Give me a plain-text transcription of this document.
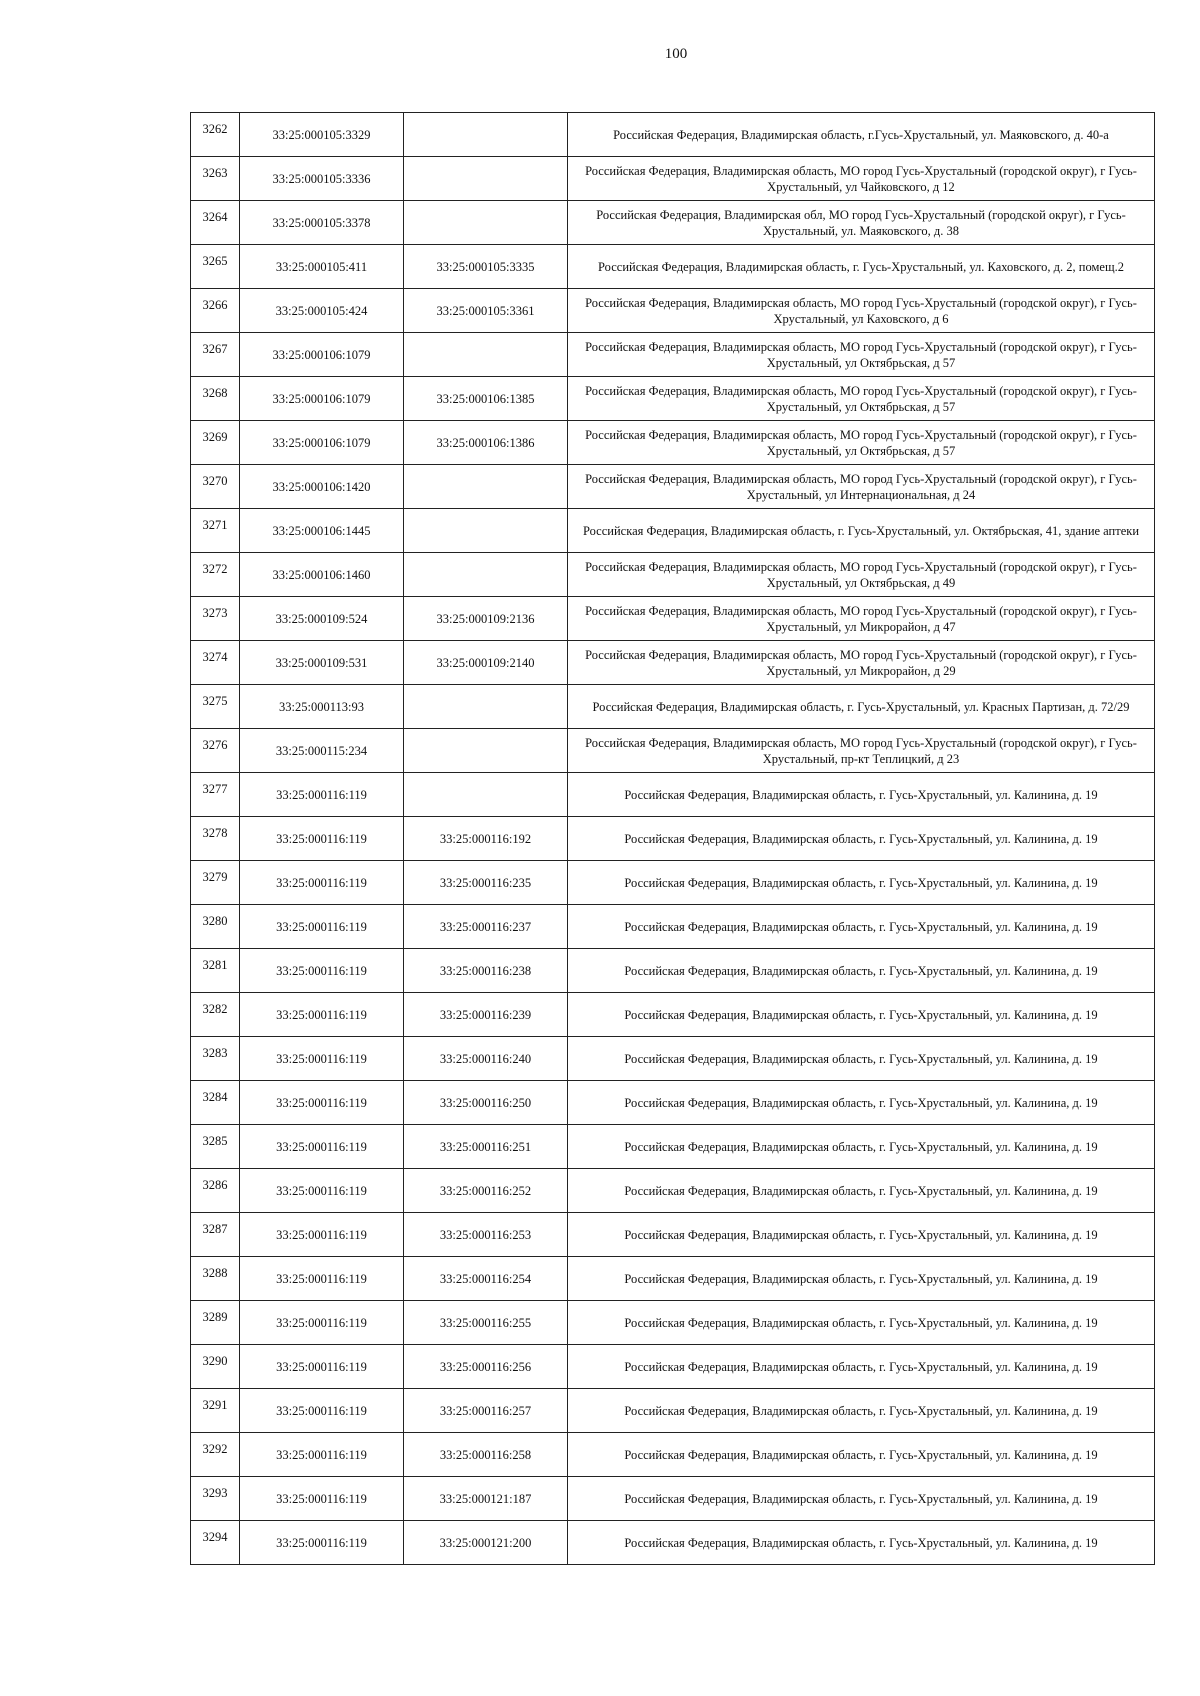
100
3262	33:25:000105:3329		Российская Федерация, Владимирская область, г.Гусь-Хрустальный, ул. Маяковского, д. 40-а
3263	33:25:000105:3336		Российская Федерация, Владимирская область, МО город Гусь-Хрустальный (городской округ), г Гусь-Хрустальный, ул Чайковского, д 12
3264	33:25:000105:3378		Российская Федерация, Владимирская обл, МО город Гусь-Хрустальный (городской округ), г Гусь-Хрустальный, ул. Маяковского, д. 38
3265	33:25:000105:411	33:25:000105:3335	Российская Федерация, Владимирская область, г. Гусь-Хрустальный, ул. Каховского, д. 2, помещ.2
3266	33:25:000105:424	33:25:000105:3361	Российская Федерация, Владимирская область, МО город Гусь-Хрустальный (городской округ), г Гусь-Хрустальный, ул Каховского, д 6
3267	33:25:000106:1079		Российская Федерация, Владимирская область, МО город Гусь-Хрустальный (городской округ), г Гусь-Хрустальный, ул Октябрьская, д 57
3268	33:25:000106:1079	33:25:000106:1385	Российская Федерация, Владимирская область, МО город Гусь-Хрустальный (городской округ), г Гусь-Хрустальный, ул Октябрьская, д 57
3269	33:25:000106:1079	33:25:000106:1386	Российская Федерация, Владимирская область, МО город Гусь-Хрустальный (городской округ), г Гусь-Хрустальный, ул Октябрьская, д 57
3270	33:25:000106:1420		Российская Федерация, Владимирская область, МО город Гусь-Хрустальный (городской округ), г Гусь-Хрустальный, ул Интернациональная, д 24
3271	33:25:000106:1445		Российская Федерация, Владимирская область, г. Гусь-Хрустальный, ул. Октябрьская, 41, здание аптеки
3272	33:25:000106:1460		Российская Федерация, Владимирская область, МО город Гусь-Хрустальный (городской округ), г Гусь-Хрустальный, ул Октябрьская, д 49
3273	33:25:000109:524	33:25:000109:2136	Российская Федерация, Владимирская область, МО город Гусь-Хрустальный (городской округ), г Гусь-Хрустальный, ул Микрорайон, д 47
3274	33:25:000109:531	33:25:000109:2140	Российская Федерация, Владимирская область, МО город Гусь-Хрустальный (городской округ), г Гусь-Хрустальный, ул Микрорайон, д 29
3275	33:25:000113:93		Российская Федерация, Владимирская область, г. Гусь-Хрустальный, ул. Красных Партизан, д. 72/29
3276	33:25:000115:234		Российская Федерация, Владимирская область, МО город Гусь-Хрустальный (городской округ), г Гусь-Хрустальный, пр-кт Теплицкий, д 23
3277	33:25:000116:119		Российская Федерация, Владимирская область, г. Гусь-Хрустальный, ул. Калинина, д. 19
3278	33:25:000116:119	33:25:000116:192	Российская Федерация, Владимирская область, г. Гусь-Хрустальный, ул. Калинина, д. 19
3279	33:25:000116:119	33:25:000116:235	Российская Федерация, Владимирская область, г. Гусь-Хрустальный, ул. Калинина, д. 19
3280	33:25:000116:119	33:25:000116:237	Российская Федерация, Владимирская область, г. Гусь-Хрустальный, ул. Калинина, д. 19
3281	33:25:000116:119	33:25:000116:238	Российская Федерация, Владимирская область, г. Гусь-Хрустальный, ул. Калинина, д. 19
3282	33:25:000116:119	33:25:000116:239	Российская Федерация, Владимирская область, г. Гусь-Хрустальный, ул. Калинина, д. 19
3283	33:25:000116:119	33:25:000116:240	Российская Федерация, Владимирская область, г. Гусь-Хрустальный, ул. Калинина, д. 19
3284	33:25:000116:119	33:25:000116:250	Российская Федерация, Владимирская область, г. Гусь-Хрустальный, ул. Калинина, д. 19
3285	33:25:000116:119	33:25:000116:251	Российская Федерация, Владимирская область, г. Гусь-Хрустальный, ул. Калинина, д. 19
3286	33:25:000116:119	33:25:000116:252	Российская Федерация, Владимирская область, г. Гусь-Хрустальный, ул. Калинина, д. 19
3287	33:25:000116:119	33:25:000116:253	Российская Федерация, Владимирская область, г. Гусь-Хрустальный, ул. Калинина, д. 19
3288	33:25:000116:119	33:25:000116:254	Российская Федерация, Владимирская область, г. Гусь-Хрустальный, ул. Калинина, д. 19
3289	33:25:000116:119	33:25:000116:255	Российская Федерация, Владимирская область, г. Гусь-Хрустальный, ул. Калинина, д. 19
3290	33:25:000116:119	33:25:000116:256	Российская Федерация, Владимирская область, г. Гусь-Хрустальный, ул. Калинина, д. 19
3291	33:25:000116:119	33:25:000116:257	Российская Федерация, Владимирская область, г. Гусь-Хрустальный, ул. Калинина, д. 19
3292	33:25:000116:119	33:25:000116:258	Российская Федерация, Владимирская область, г. Гусь-Хрустальный, ул. Калинина, д. 19
3293	33:25:000116:119	33:25:000121:187	Российская Федерация, Владимирская область, г. Гусь-Хрустальный, ул. Калинина, д. 19
3294	33:25:000116:119	33:25:000121:200	Российская Федерация, Владимирская область, г. Гусь-Хрустальный, ул. Калинина, д. 19
